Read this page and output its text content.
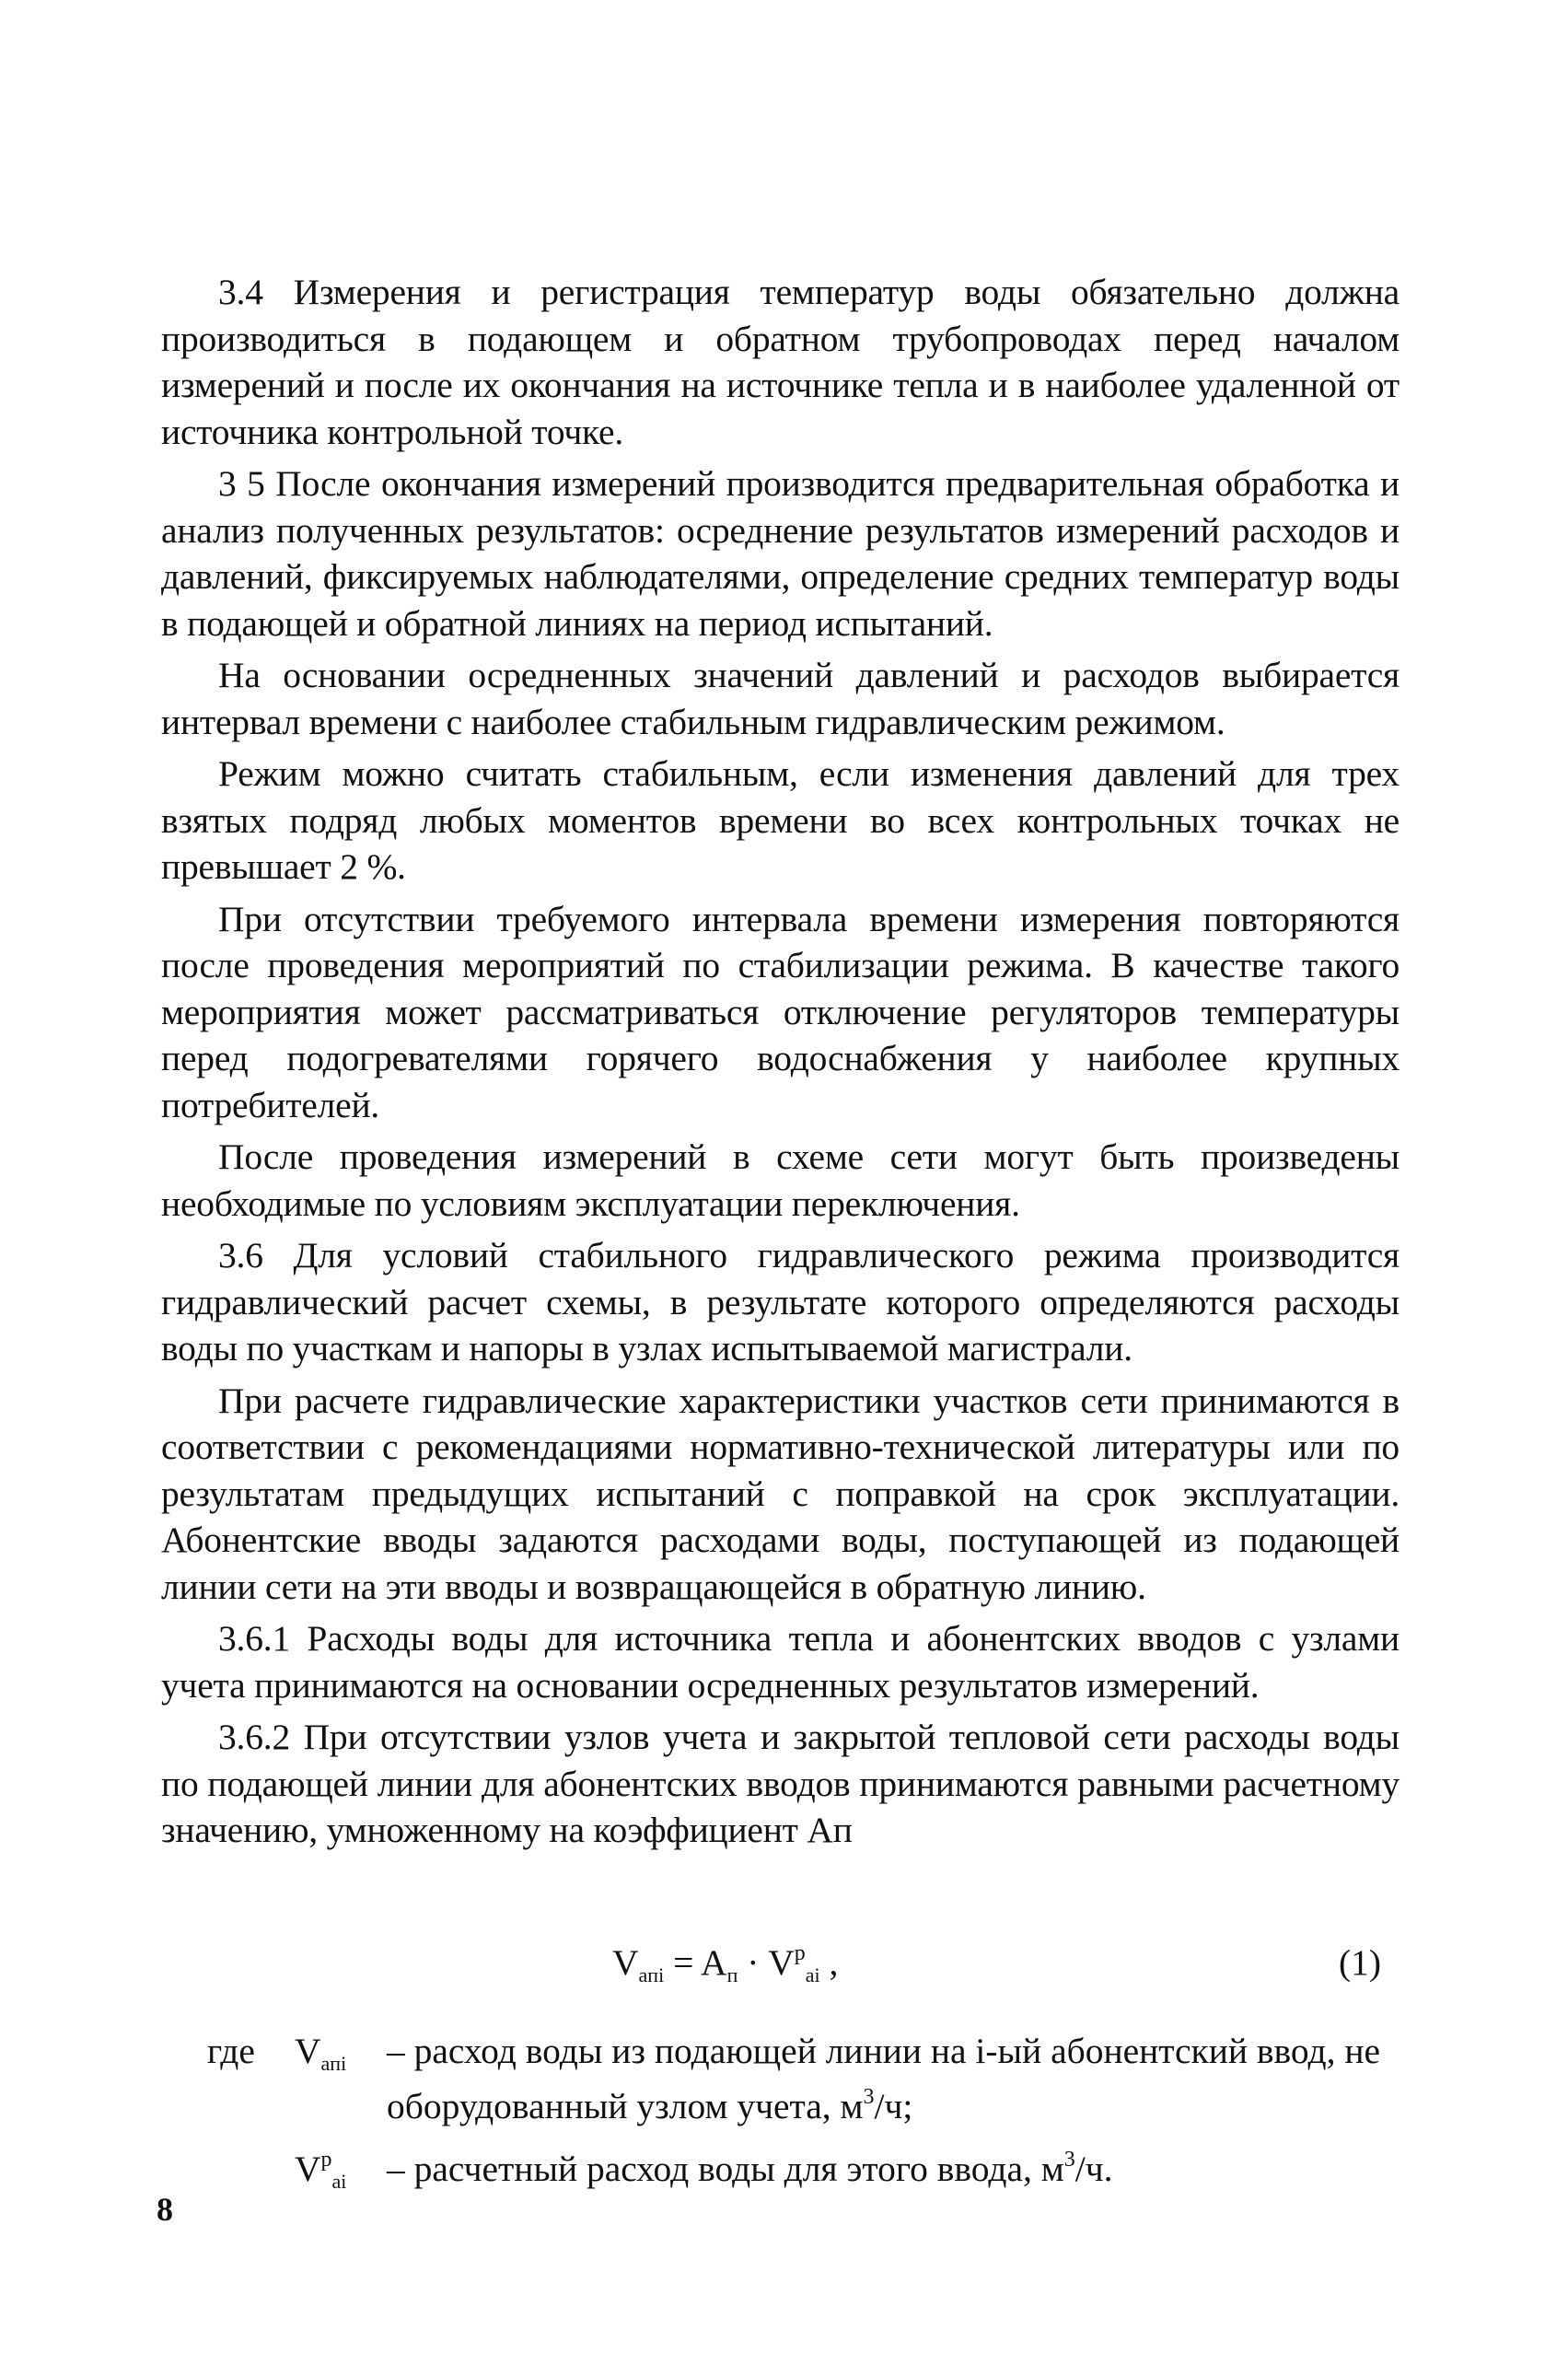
3.4 Измерения и регистрация температур воды обязательно должна производиться в подающем и обратном трубопроводах перед началом измерений и после их окончания на источнике тепла и в наиболее удаленной от источника контрольной точке.

3 5 После окончания измерений производится предварительная обработка и анализ полученных результатов: осреднение результатов измерений расходов и давлений, фиксируемых наблюдателями, определение средних температур воды в подающей и обратной линиях на период испытаний.

На основании осредненных значений давлений и расходов выбирается интервал времени с наиболее стабильным гидравлическим режимом.

Режим можно считать стабильным, если изменения давлений для трех взятых подряд любых моментов времени во всех контрольных точках не превышает 2 %.

При отсутствии требуемого интервала времени измерения повторяются после проведения мероприятий по стабилизации режима. В качестве такого мероприятия может рассматриваться отключение регуляторов температуры перед подогревателями горячего водоснабжения у наиболее крупных потребителей.

После проведения измерений в схеме сети могут быть произведены необходимые по условиям эксплуатации переключения.

3.6 Для условий стабильного гидравлического режима производится гидравлический расчет схемы, в результате которого определяются расходы воды по участкам и напоры в узлах испытываемой магистрали.

При расчете гидравлические характеристики участков сети принимаются в соответствии с рекомендациями нормативно-технической литературы или по результатам предыдущих испытаний с поправкой на срок эксплуатации. Абонентские вводы задаются расходами воды, поступающей из подающей линии сети на эти вводы и возвращающейся в обратную линию.

3.6.1 Расходы воды для источника тепла и абонентских вводов с узлами учета принимаются на основании осредненных результатов измерений.

3.6.2 При отсутствии узлов учета и закрытой тепловой сети расходы воды по подающей линии для абонентских вводов принимаются равными расчетному значению, умноженному на коэффициент Aп

$V_{aпi} = A_п \cdot V^p_{ai}$ ,	(1)
где	$V_{aпi}$	– расход воды из подающей линии на i-ый абонентский ввод, не оборудованный узлом учета, $м^3/ч$;
$V^p_{ai}$	– расчетный расход воды для этого ввода, $м^3/ч$.
8
